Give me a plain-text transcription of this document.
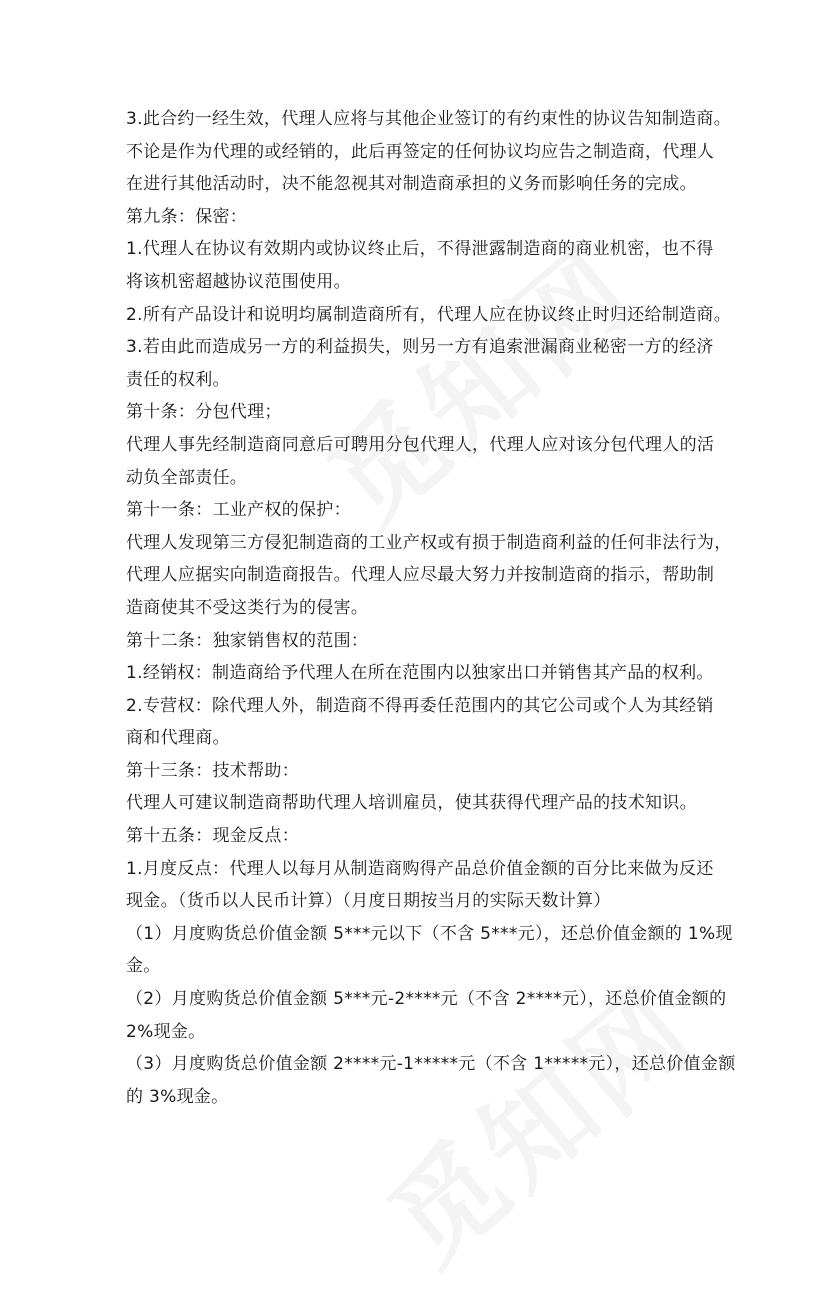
3.此合约一经生效，代理人应将与其他企业签订的有约束性的协议告知制造商。
不论是作为代理的或经销的，此后再签定的任何协议均应告之制造商，代理人
在进行其他活动时，决不能忽视其对制造商承担的义务而影响任务的完成。
第九条：保密：
1.代理人在协议有效期内或协议终止后，不得泄露制造商的商业机密，也不得
将该机密超越协议范围使用。
2.所有产品设计和说明均属制造商所有，代理人应在协议终止时归还给制造商。
3.若由此而造成另一方的利益损失，则另一方有追索泄漏商业秘密一方的经济
责任的权利。
第十条：分包代理；
代理人事先经制造商同意后可聘用分包代理人，代理人应对该分包代理人的活
动负全部责任。
第十一条：工业产权的保护：
代理人发现第三方侵犯制造商的工业产权或有损于制造商利益的任何非法行为，
代理人应据实向制造商报告。代理人应尽最大努力并按制造商的指示，帮助制
造商使其不受这类行为的侵害。
第十二条：独家销售权的范围：
1.经销权：制造商给予代理人在所在范围内以独家出口并销售其产品的权利。
2.专营权：除代理人外，制造商不得再委任范围内的其它公司或个人为其经销
商和代理商。
第十三条：技术帮助：
代理人可建议制造商帮助代理人培训雇员，使其获得代理产品的技术知识。
第十五条：现金反点：
1.月度反点：代理人以每月从制造商购得产品总价值金额的百分比来做为反还
现金。（货币以人民币计算）（月度日期按当月的实际天数计算）
（1）月度购货总价值金额 5***元以下（不含 5***元），还总价值金额的 1%现
金。
（2）月度购货总价值金额 5***元-2****元（不含 2****元），还总价值金额的
2%现金。
（3）月度购货总价值金额 2****元-1*****元（不含 1*****元），还总价值金额
的 3%现金。
